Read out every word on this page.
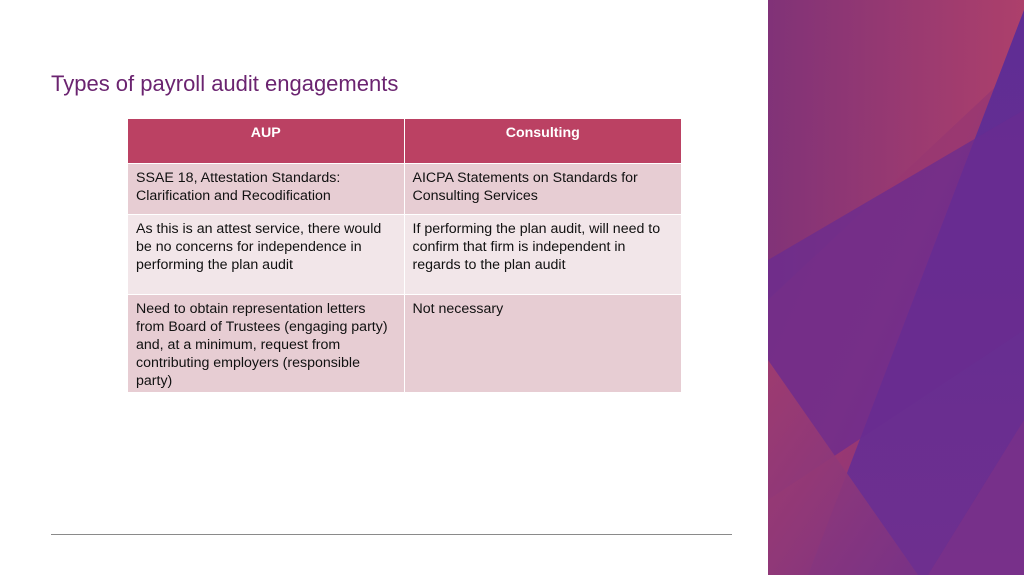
Types of payroll audit engagements
AUP	Consulting
SSAE 18, Attestation Standards: Clarification and Recodification	AICPA Statements on Standards for Consulting Services
As this is an attest service, there would be no concerns for independence in performing the plan audit	If performing the plan audit, will need to confirm that firm is independent in regards to the plan audit
Need to obtain representation letters from Board of Trustees (engaging party) and, at a minimum, request from contributing employers (responsible party)	Not necessary
